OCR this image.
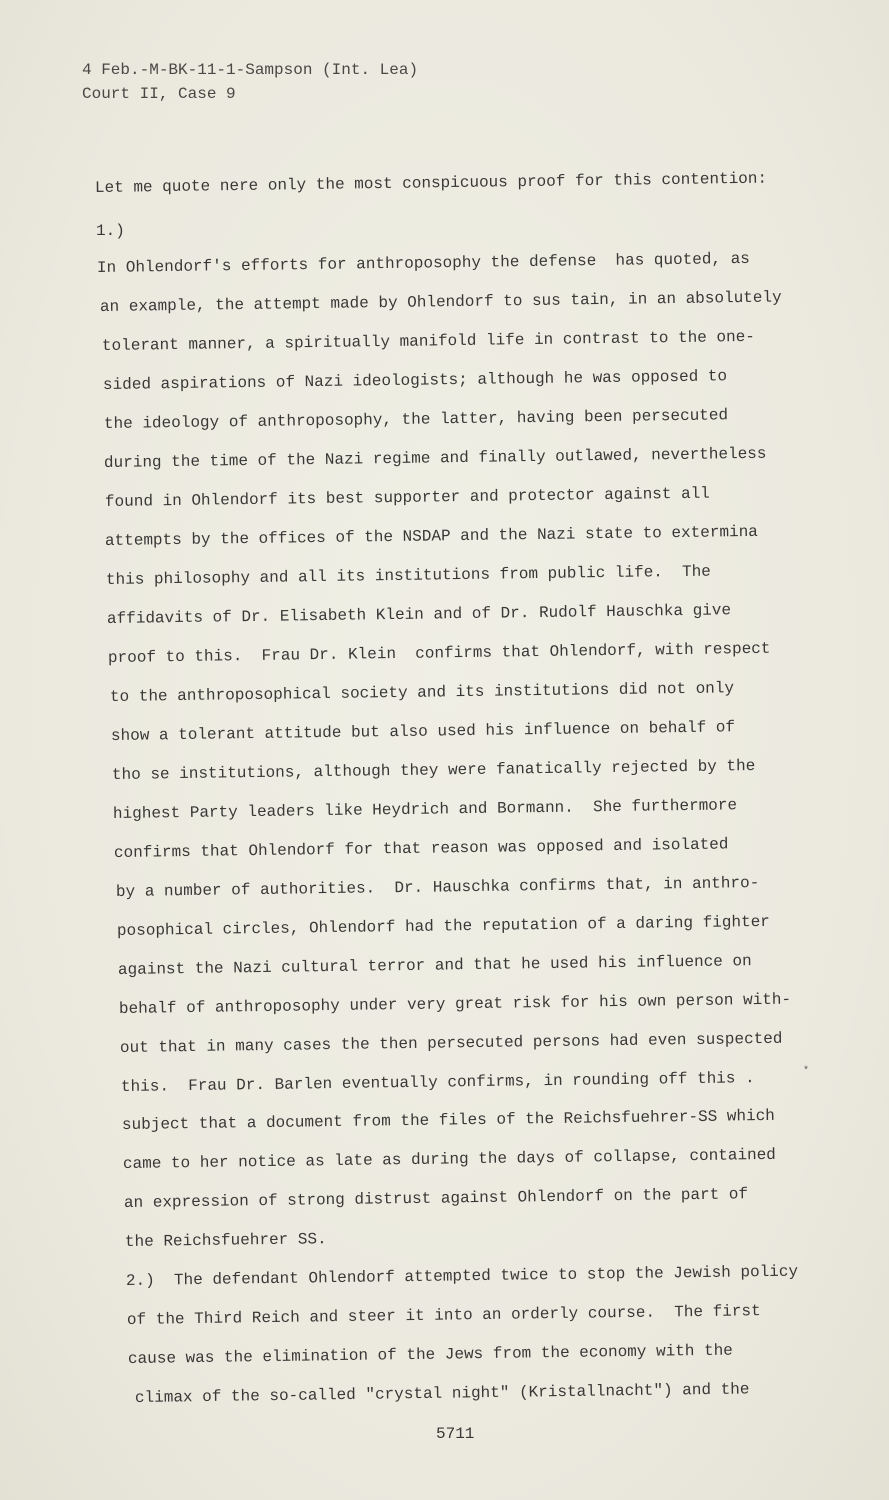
4 Feb.-M-BK-11-1-Sampson (Int. Lea)
Court II, Case 9
Let me quote nere only the most conspicuous proof for this contention:
1.)
In Ohlendorf's efforts for anthroposophy the defense  has quoted, as
an example, the attempt made by Ohlendorf to sus tain, in an absolutely
tolerant manner, a spiritually manifold life in contrast to the one-
sided aspirations of Nazi ideologists; although he was opposed to
the ideology of anthroposophy, the latter, having been persecuted
during the time of the Nazi regime and finally outlawed, nevertheless
found in Ohlendorf its best supporter and protector against all
attempts by the offices of the NSDAP and the Nazi state to extermina
this philosophy and all its institutions from public life.  The
affidavits of Dr. Elisabeth Klein and of Dr. Rudolf Hauschka give
proof to this.  Frau Dr. Klein  confirms that Ohlendorf, with respect
to the anthroposophical society and its institutions did not only
show a tolerant attitude but also used his influence on behalf of
tho se institutions, although they were fanatically rejected by the
highest Party leaders like Heydrich and Bormann.  She furthermore
confirms that Ohlendorf for that reason was opposed and isolated
by a number of authorities.  Dr. Hauschka confirms that, in anthro-
posophical circles, Ohlendorf had the reputation of a daring fighter
against the Nazi cultural terror and that he used his influence on
behalf of anthroposophy under very great risk for his own person with-
out that in many cases the then persecuted persons had even suspected
this.  Frau Dr. Barlen eventually confirms, in rounding off this .
subject that a document from the files of the Reichsfuehrer-SS which
came to her notice as late as during the days of collapse, contained
an expression of strong distrust against Ohlendorf on the part of
the Reichsfuehrer SS.
2.)  The defendant Ohlendorf attempted twice to stop the Jewish policy
of the Third Reich and steer it into an orderly course.  The first
cause was the elimination of the Jews from the economy with the
climax of the so-called "crystal night" (Kristallnacht") and the
*
5711
